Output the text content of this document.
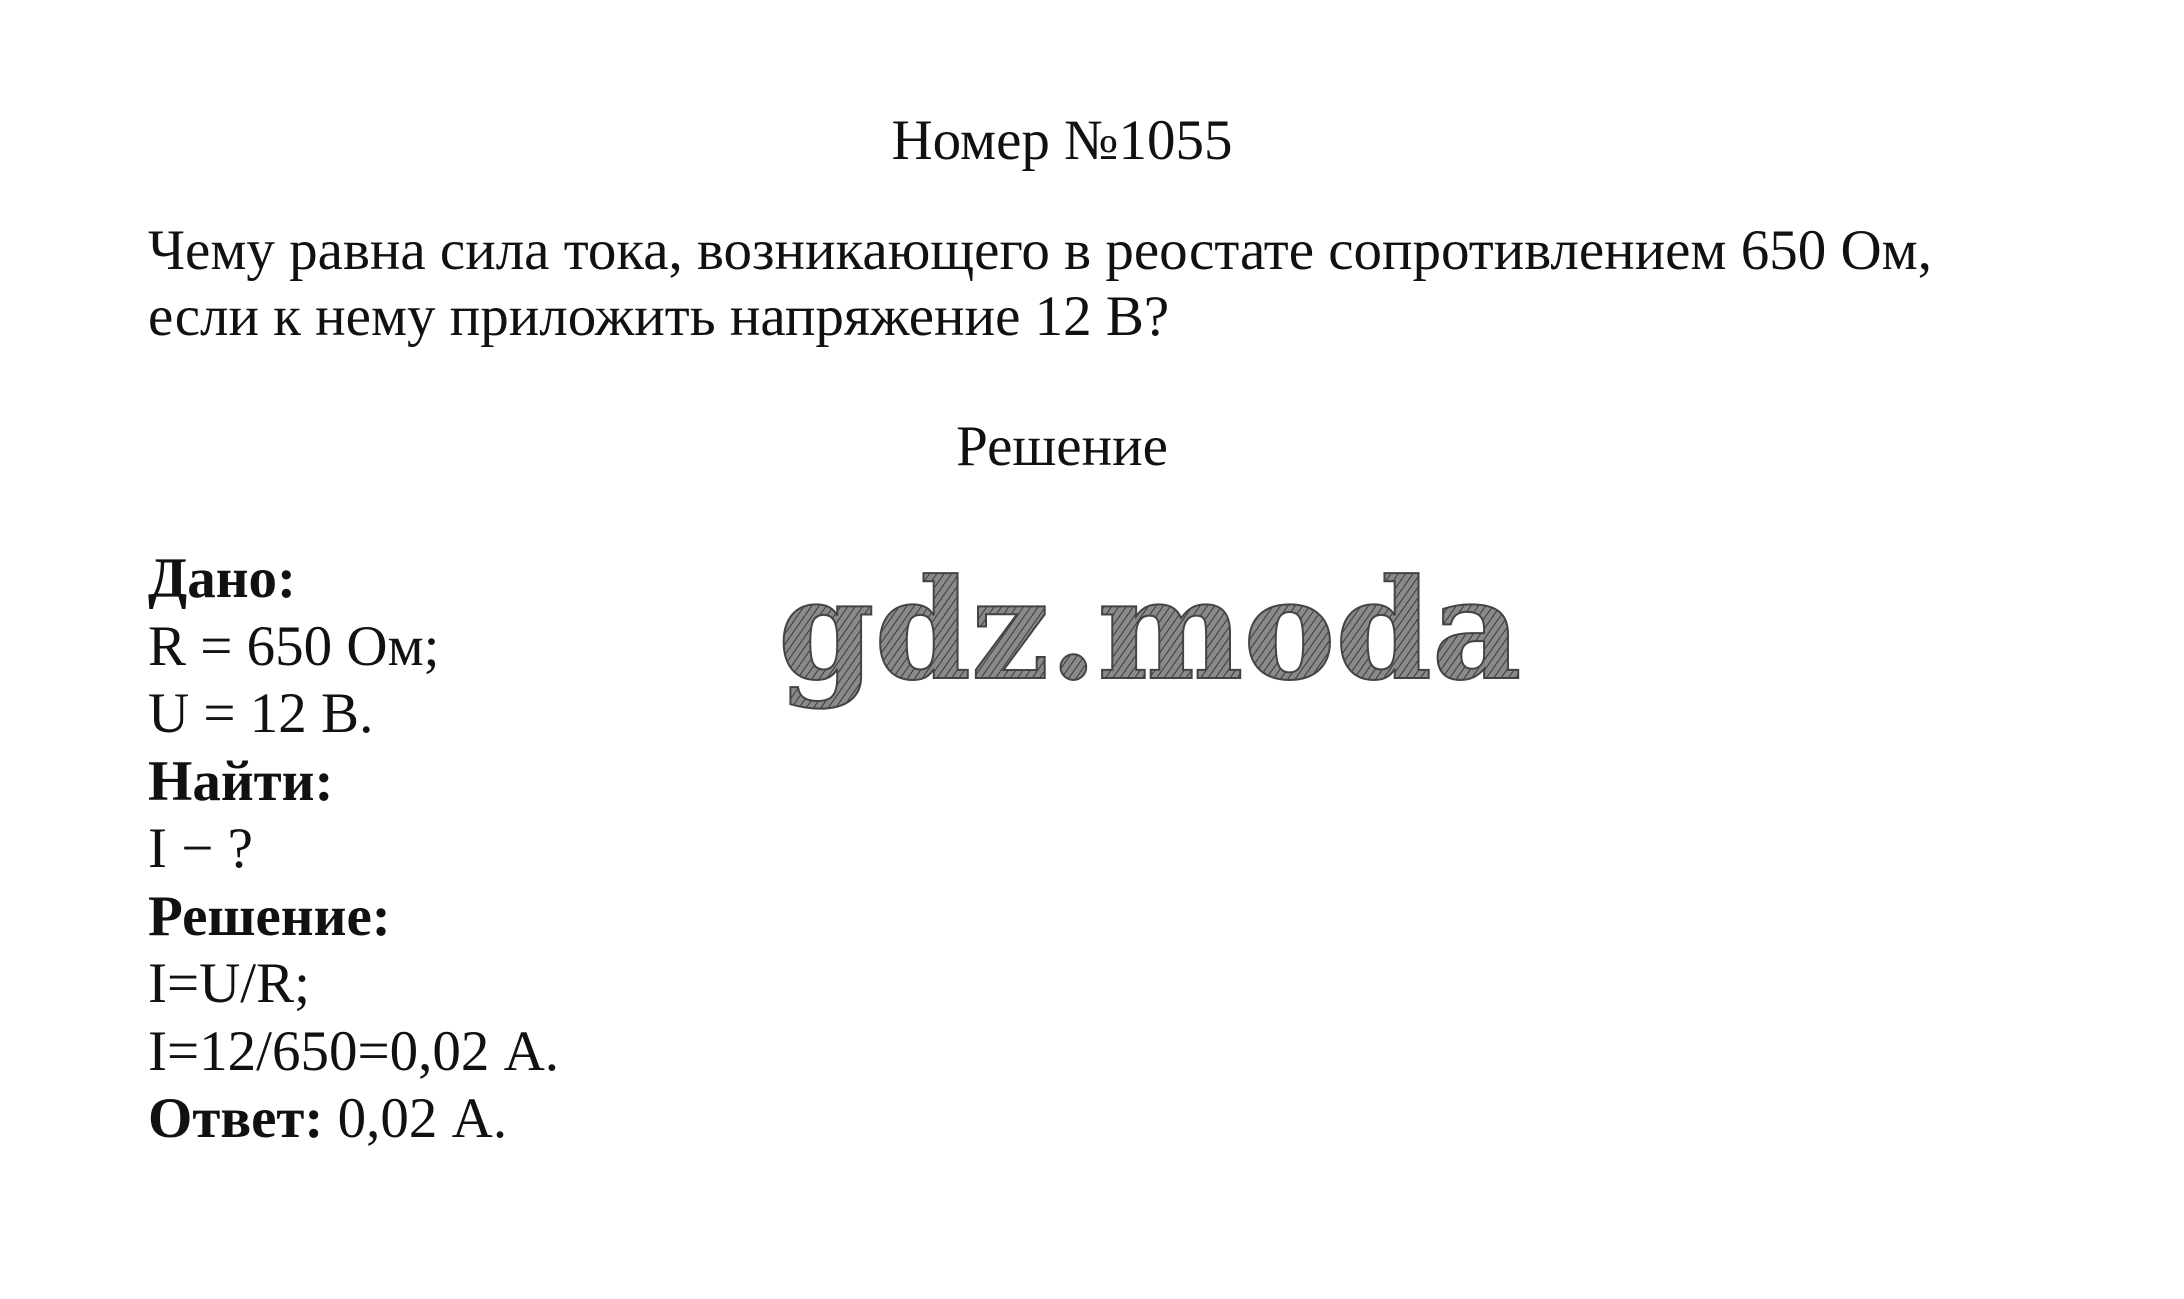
Номер №1055
Чему равна сила тока, возникающего в реостате сопротивлением 650 Ом,
если к нему приложить напряжение 12 В?
Решение
Дано:
R = 650 Ом;
U = 12 В.
Найти:
I − ?
Решение:
I=U/R;
I=12/650=0,02 А.
Ответ: 0,02 А.
gdz.moda
